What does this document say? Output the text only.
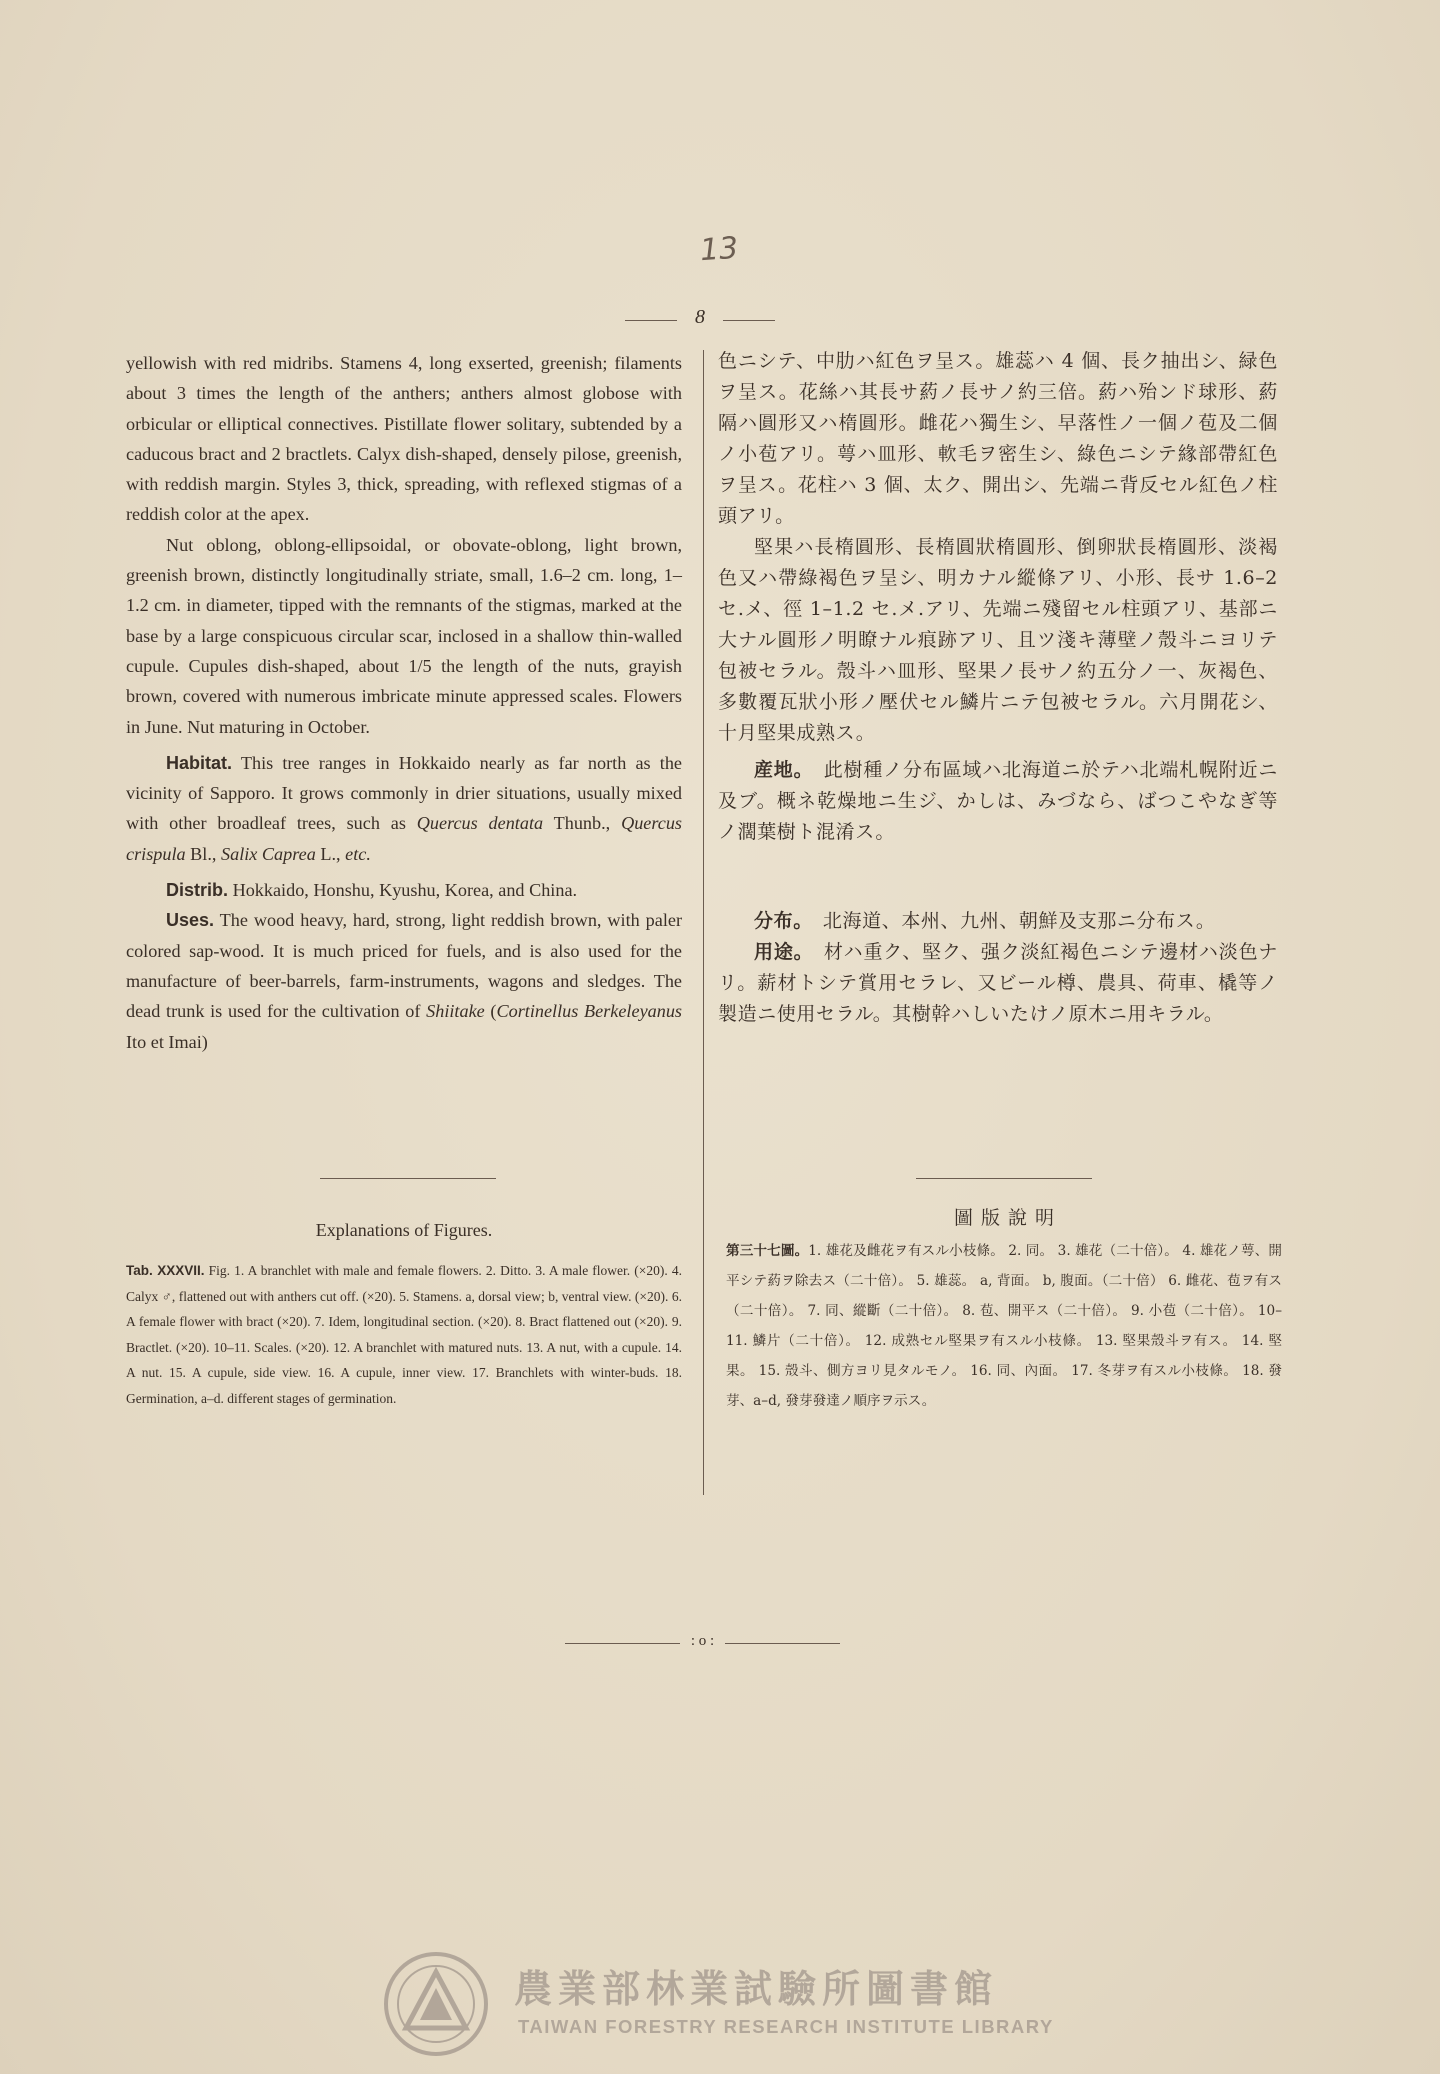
13
8

yellowish with red midribs. Stamens 4, long exserted, greenish; filaments about 3 times the length of the anthers; anthers almost globose with orbicular or elliptical connectives. Pistillate flower solitary, subtended by a caducous bract and 2 bractlets. Calyx dish-shaped, densely pilose, greenish, with reddish margin. Styles 3, thick, spreading, with reflexed stigmas of a reddish color at the apex.

Nut oblong, oblong-ellipsoidal, or obovate-oblong, light brown, greenish brown, distinctly longitudinally striate, small, 1.6–2 cm. long, 1–1.2 cm. in diameter, tipped with the remnants of the stigmas, marked at the base by a large conspicuous circular scar, inclosed in a shallow thin-walled cupule. Cupules dish-shaped, about 1/5 the length of the nuts, grayish brown, covered with numerous imbricate minute appressed scales. Flowers in June. Nut maturing in October.

Habitat. This tree ranges in Hokkaido nearly as far north as the vicinity of Sapporo. It grows commonly in drier situations, usually mixed with other broadleaf trees, such as Quercus dentata Thunb., Quercus crispula Bl., Salix Caprea L., etc.

Distrib. Hokkaido, Honshu, Kyushu, Korea, and China.

Uses. The wood heavy, hard, strong, light reddish brown, with paler colored sap-wood. It is much priced for fuels, and is also used for the manufacture of beer-barrels, farm-instruments, wagons and sledges. The dead trunk is used for the cultivation of Shiitake (Cortinellus Berkeleyanus Ito et Imai)

色ニシテ、中肋ハ紅色ヲ呈ス。雄蕊ハ 4 個、長ク抽出シ、緑色ヲ呈ス。花絲ハ其長サ葯ノ長サノ約三倍。葯ハ殆ンド球形、葯隔ハ圓形又ハ楕圓形。雌花ハ獨生シ、早落性ノ一個ノ苞及二個ノ小苞アリ。萼ハ皿形、軟毛ヲ密生シ、綠色ニシテ緣部帶紅色ヲ呈ス。花柱ハ 3 個、太ク、開出シ、先端ニ背反セル紅色ノ柱頭アリ。

堅果ハ長楕圓形、長楕圓狀楕圓形、倒卵狀長楕圓形、淡褐色又ハ帶綠褐色ヲ呈シ、明カナル縱條アリ、小形、長サ 1.6–2 セ.メ、徑 1–1.2 セ.メ.アリ、先端ニ殘留セル柱頭アリ、基部ニ大ナル圓形ノ明瞭ナル痕跡アリ、且ツ淺キ薄壁ノ殼斗ニヨリテ包被セラル。殼斗ハ皿形、堅果ノ長サノ約五分ノ一、灰褐色、多數覆瓦狀小形ノ壓伏セル鱗片ニテ包被セラル。六月開花シ、十月堅果成熟ス。

産地。　 此樹種ノ分布區域ハ北海道ニ於テハ北端札幌附近ニ及ブ。概ネ乾燥地ニ生ジ、かしは、みづなら、ばつこやなぎ等ノ濶葉樹ト混淆ス。

分布。　 北海道、本州、九州、朝鮮及支那ニ分布ス。

用途。　 材ハ重ク、堅ク、强ク淡紅褐色ニシテ邊材ハ淡色ナリ。薪材トシテ賞用セラレ、又ビール樽、農具、荷車、橇等ノ製造ニ使用セラル。其樹幹ハしいたけノ原木ニ用キラル。

Explanations of Figures.
Tab. XXXVII. Fig. 1. A branchlet with male and female flowers. 2. Ditto. 3. A male flower. (×20). 4. Calyx ♂, flattened out with anthers cut off. (×20). 5. Stamens. a, dorsal view; b, ventral view. (×20). 6. A female flower with bract (×20). 7. Idem, longitudinal section. (×20). 8. Bract flattened out (×20). 9. Bractlet. (×20). 10–11. Scales. (×20). 12. A branchlet with matured nuts. 13. A nut, with a cupule. 14. A nut. 15. A cupule, side view. 16. A cupule, inner view. 17. Branchlets with winter-buds. 18. Germination, a–d. different stages of germination.
圖版說明
第三十七圖。1. 雄花及雌花ヲ有スル小枝條。 2. 同。 3. 雄花（二十倍）。 4. 雄花ノ萼、開平シテ葯ヲ除去ス（二十倍）。 5. 雄蕊。 a, 背面。 b, 腹面。（二十倍） 6. 雌花、苞ヲ有ス（二十倍）。 7. 同、縱斷（二十倍）。 8. 苞、開平ス（二十倍）。 9. 小苞（二十倍）。 10–11. 鱗片（二十倍）。 12. 成熟セル堅果ヲ有スル小枝條。 13. 堅果殼斗ヲ有ス。 14. 堅果。 15. 殼斗、側方ヨリ見タルモノ。 16. 同、內面。 17. 冬芽ヲ有スル小枝條。 18. 發芽、a–d, 發芽發達ノ順序ヲ示ス。
: o :
農業部林業試驗所圖書館
TAIWAN FORESTRY RESEARCH INSTITUTE LIBRARY
